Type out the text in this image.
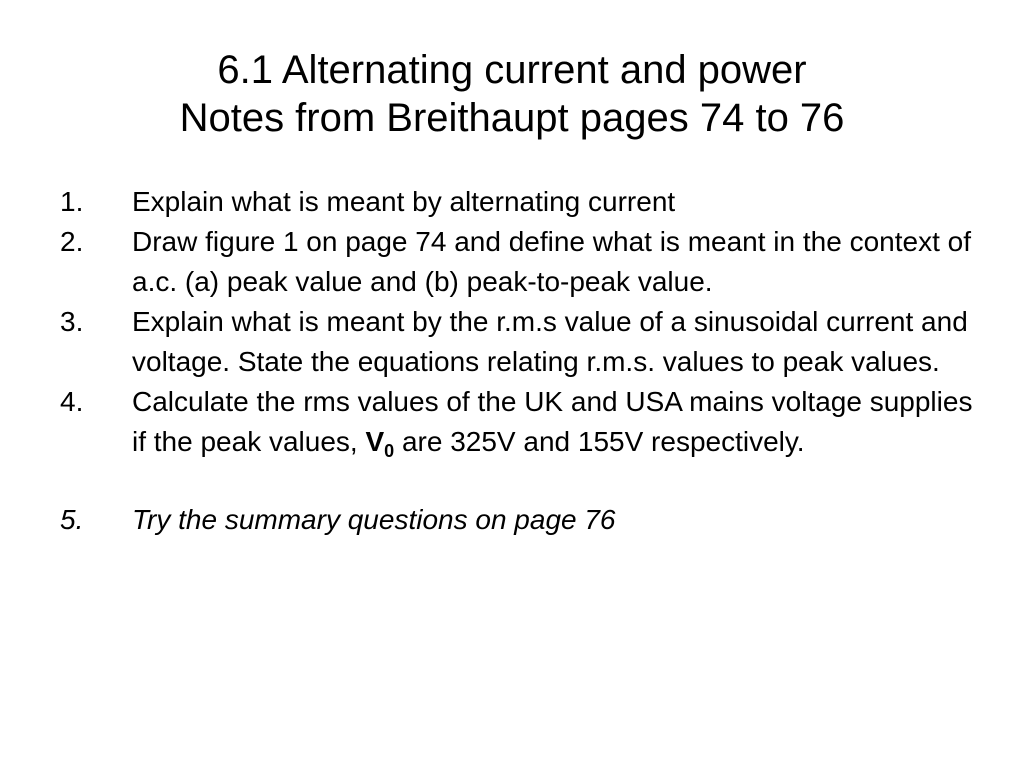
6.1 Alternating current and power
Notes from Breithaupt pages 74 to 76
1.	Explain what is meant by alternating current
2.	Draw figure 1 on page 74 and define what is meant in the context of a.c. (a) peak value and (b) peak-to-peak value.
3.	Explain what is meant by the r.m.s value of a sinusoidal current and voltage. State the equations relating r.m.s. values to peak values.
4.	Calculate the rms values of the UK and USA mains voltage supplies if the peak values, $V_0$ are 325V and 155V respectively.
5.	Try the summary questions on page 76
